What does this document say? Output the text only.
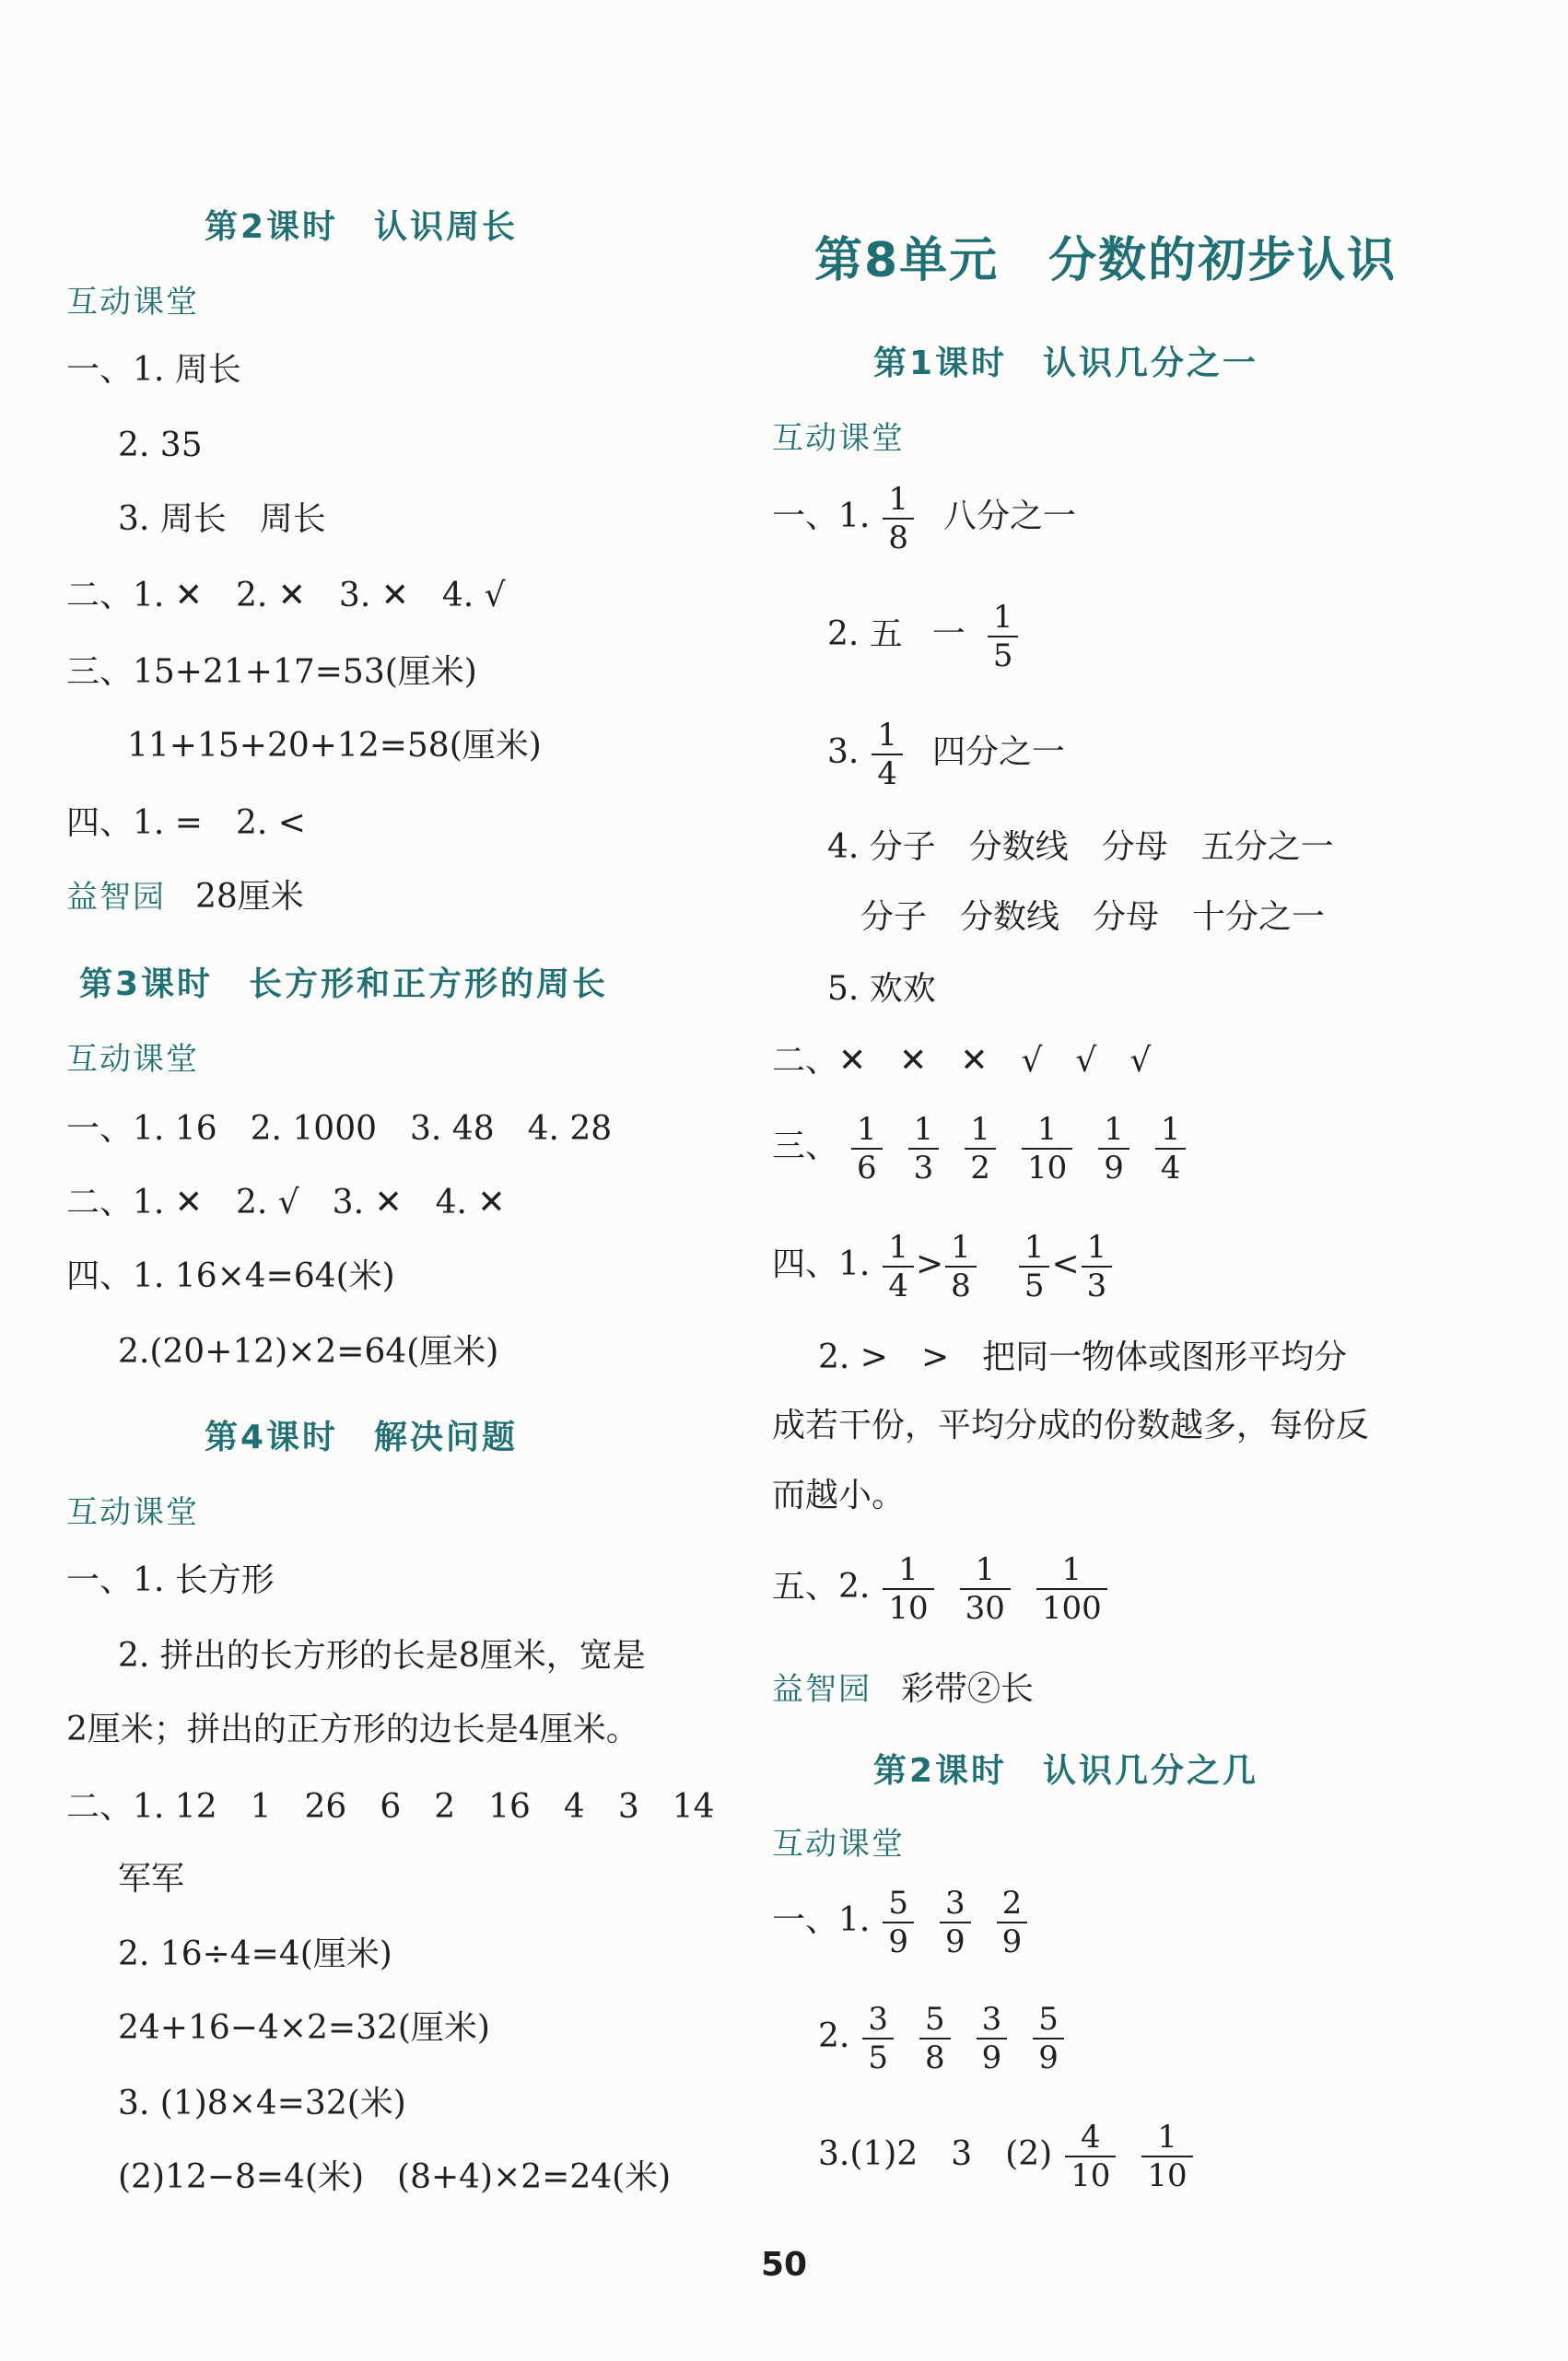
第2课时　认识周长
互动课堂
一、1. 周长
2. 35
3. 周长　周长
二、1. ✕　2. ✕　3. ✕　4. √
三、15+21+17=53(厘米)
11+15+20+12=58(厘米)
四、1. =　2. <
益智园 28厘米
第3课时　长方形和正方形的周长
互动课堂
一、1. 16　2. 1000　3. 48　4. 28
二、1. ✕　2. √　3. ✕　4. ✕
四、1. 16×4=64(米)
2.(20+12)×2=64(厘米)
第4课时　解决问题
互动课堂
一、1. 长方形
2. 拼出的长方形的长是8厘米，宽是
2厘米；拼出的正方形的边长是4厘米。
二、1. 12　1　26　6　2　16　4　3　14
军军
2. 16÷4=4(厘米)
24+16−4×2=32(厘米)
3. (1)8×4=32(米)
(2)12−8=4(米)　(8+4)×2=24(米)
第8单元　分数的初步认识
第1课时　认识几分之一
互动课堂
一、1. $\frac{1}{8}$ 八分之一
2. 五 一 $\frac{1}{5}$
3. $\frac{1}{4}$ 四分之一
4. 分子　分数线　分母　五分之一
分子　分数线　分母　十分之一
5. 欢欢
二、✕　✕　✕　√　√　√
三、 $\frac{1}{6} \frac{1}{3} \frac{1}{2} \frac{1}{10} \frac{1}{9} \frac{1}{4}$
四、1. $\frac{1}{4} > \frac{1}{8} \frac{1}{5} < \frac{1}{3}$
2. >　>　把同一物体或图形平均分
成若干份，平均分成的份数越多，每份反
而越小。
五、2. $\frac{1}{10} \frac{1}{30} \frac{1}{100}$
益智园 彩带②长
第2课时　认识几分之几
互动课堂
一、1. $\frac{5}{9} \frac{3}{9} \frac{2}{9}$
2. $\frac{3}{5} \frac{5}{8} \frac{3}{9} \frac{5}{9}$
3.(1)2　3　$(2) \frac{4}{10} \frac{1}{10}$
50
